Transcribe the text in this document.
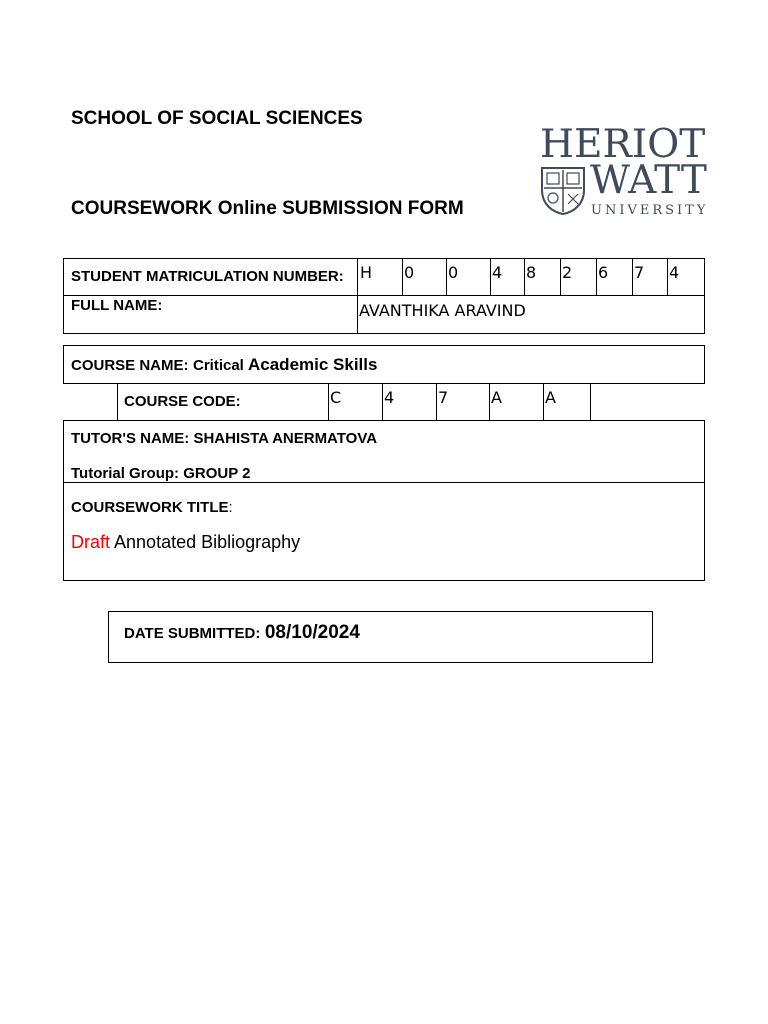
SCHOOL OF SOCIAL SCIENCES
COURSEWORK Online SUBMISSION FORM
HERIOT
WATT
UNIVERSITY
STUDENT MATRICULATION NUMBER: H 0 0 4 8 2 6 7 4
FULL NAME:	AVANTHIKA ARAVIND
COURSE NAME: Critical Academic Skills
COURSE CODE:	C	4	7	A	A
TUTOR'S NAME: SHAHISTA ANERMATOVA
Tutorial Group: GROUP 2
COURSEWORK TITLE:
Draft Annotated Bibliography
DATE SUBMITTED: 08/10/2024
